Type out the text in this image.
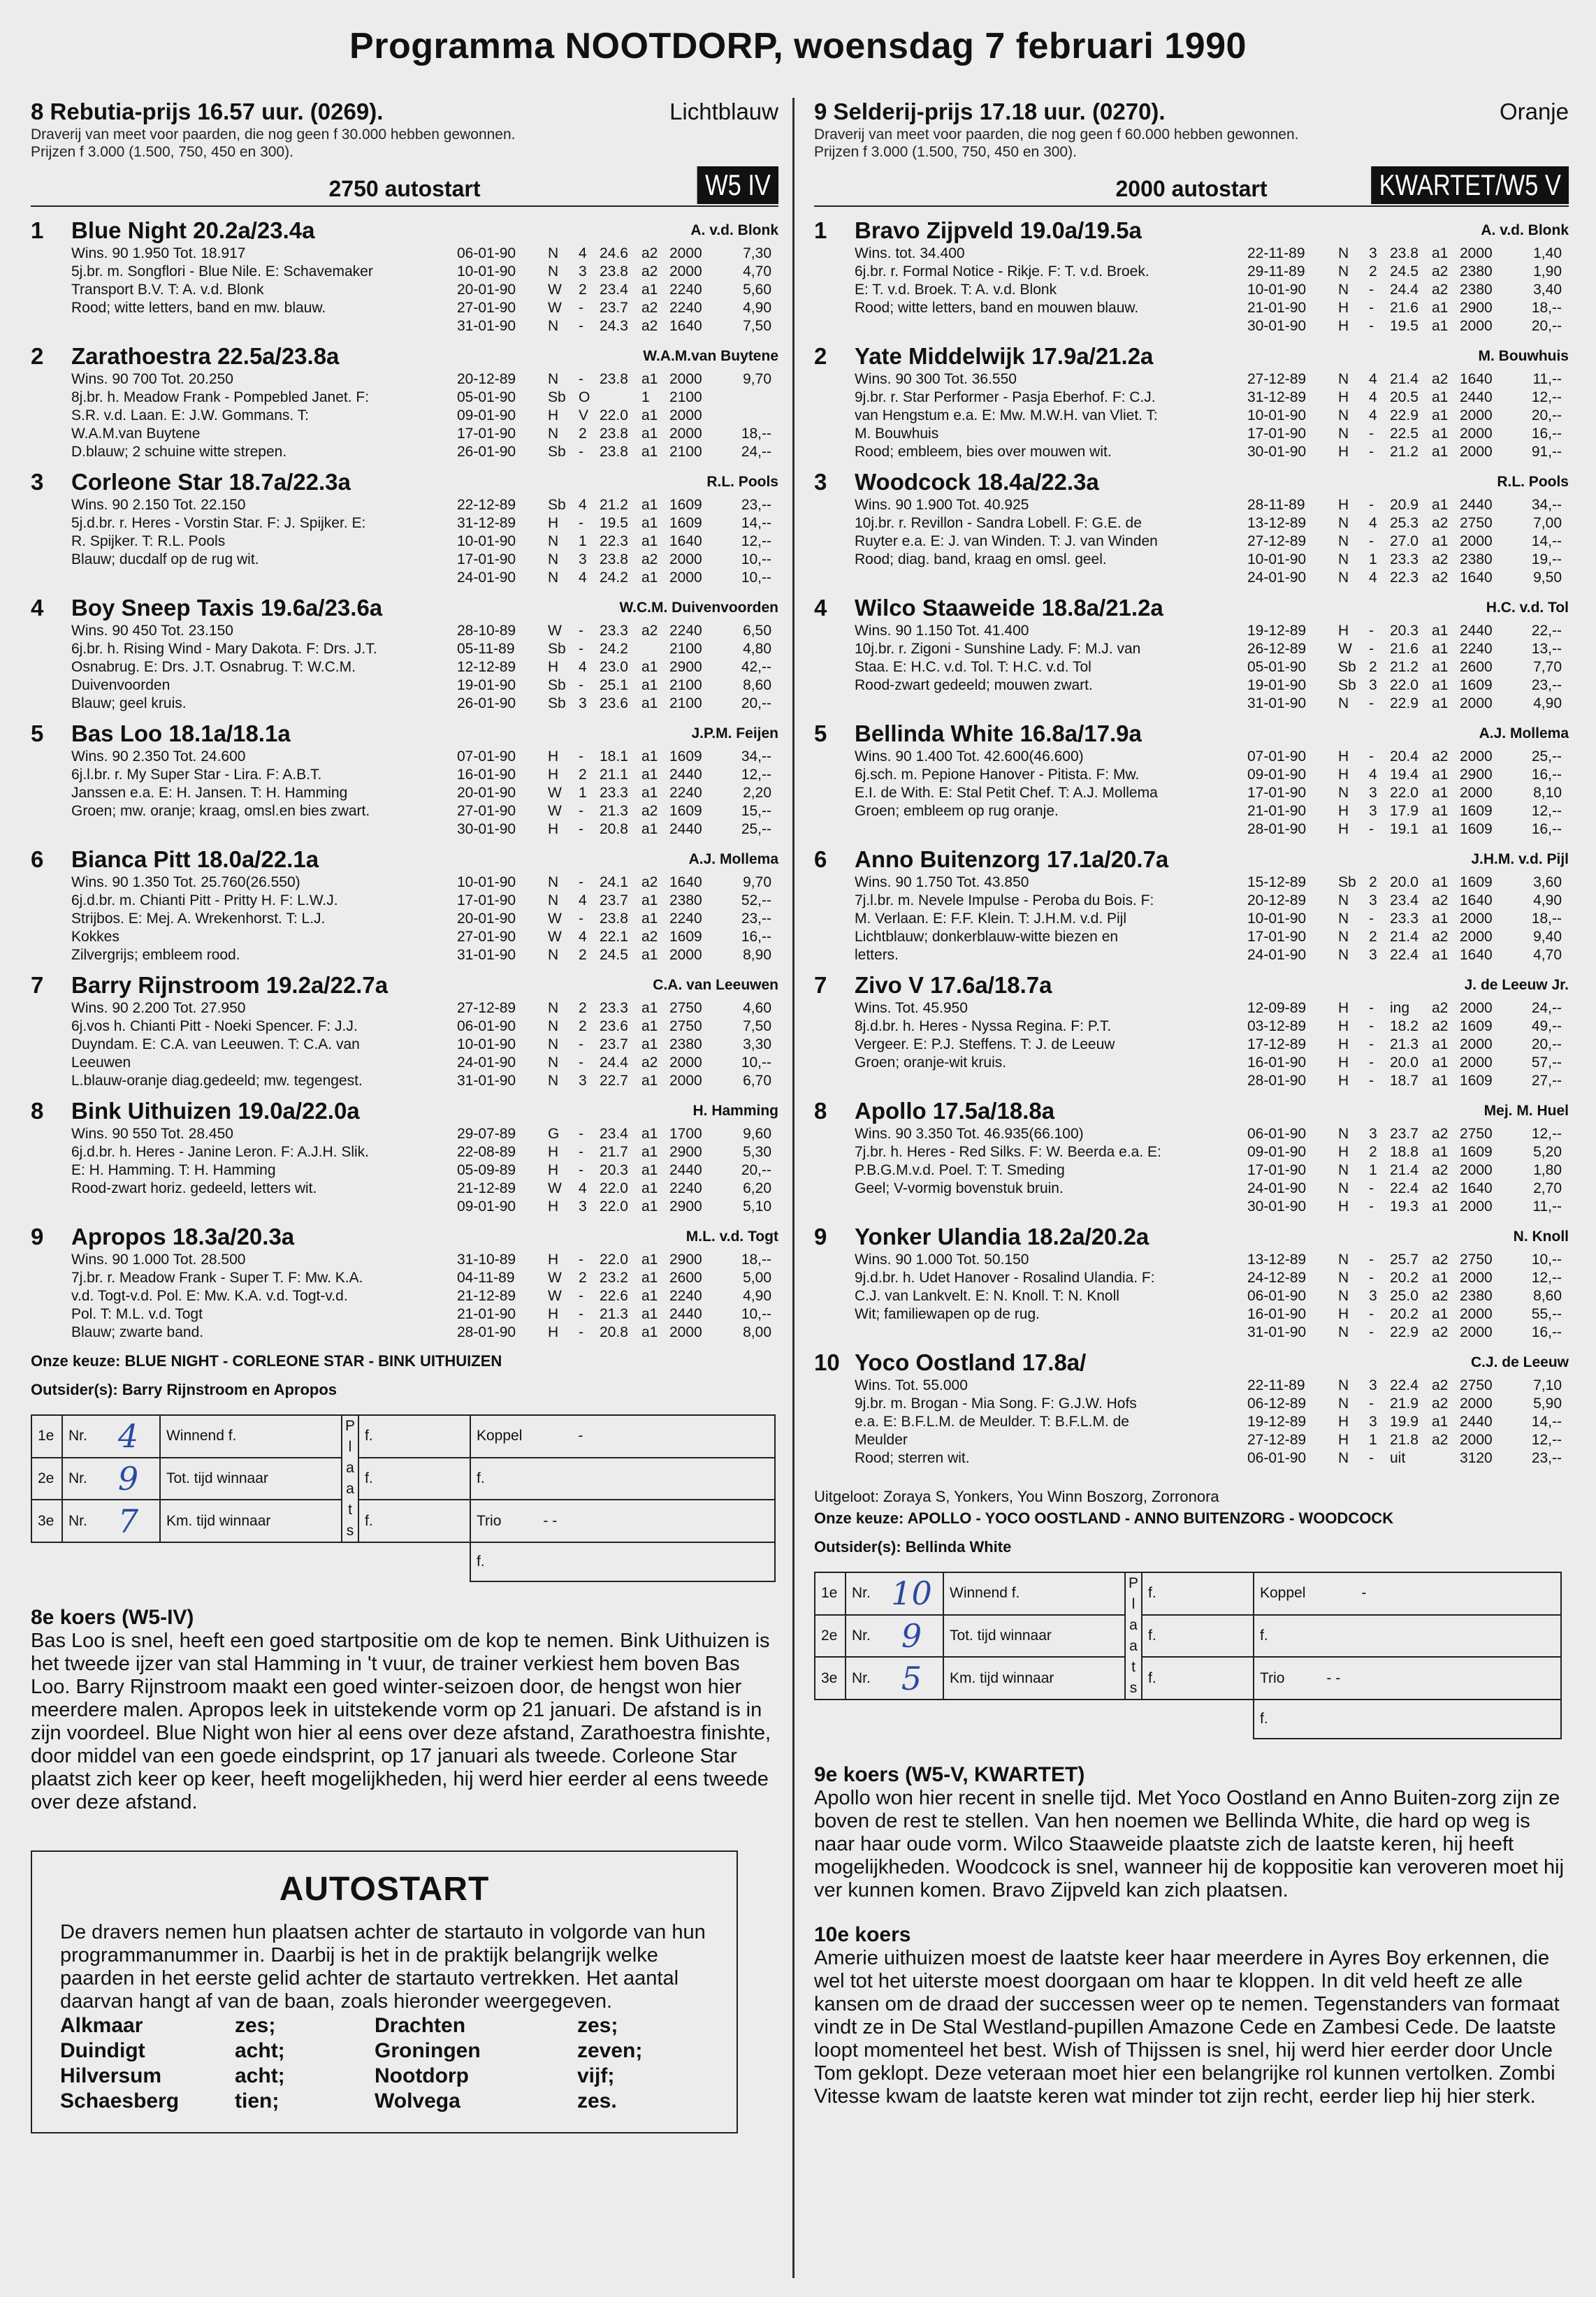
Programma NOOTDORP, woensdag 7 februari 1990
8 Rebutia-prijs 16.57 uur. (0269).	Lichtblauw
Draverij van meet voor paarden, die nog geen f 30.000 hebben gewonnen.
Prijzen f 3.000 (1.500, 750, 450 en 300).
2750 autostart	W5 IV
1	Blue Night 20.2a/23.4a	A. v.d. Blonk
Wins. 90 1.950 Tot. 18.917
5j.br. m. Songflori - Blue Nile. E: Schavemaker
Transport B.V. T: A. v.d. Blonk
Rood; witte letters, band en mw. blauw.
06-01-90	N	4 24.6 a2 2000	7,30
10-01-90	N	3 23.8 a2 2000	4,70
20-01-90	W	2 23.4 a1 2240	5,60
27-01-90	W	-	23.7 a2 2240	4,90
31-01-90	N	-	24.3 a2 1640	7,50
2	Zarathoestra 22.5a/23.8a	W.A.M.van Buytene
Wins. 90 700 Tot. 20.250
8j.br. h. Meadow Frank - Pompebled Janet. F:
S.R. v.d. Laan. E: J.W. Gommans. T:
W.A.M.van Buytene
D.blauw; 2 schuine witte strepen.
20-12-89	N	-	23.8 a1 2000	9,70
05-01-90	Sb O	1	2100
09-01-90	H	V 22.0 a1 2000
17-01-90	N	2 23.8 a1 2000	18,--
26-01-90	Sb -	23.8 a1 2100	24,--
3	Corleone Star 18.7a/22.3a	R.L. Pools
Wins. 90 2.150 Tot. 22.150
5j.d.br. r. Heres - Vorstin Star. F: J. Spijker. E:
R. Spijker. T: R.L. Pools
Blauw; ducdalf op de rug wit.
22-12-89	Sb 4 21.2 a1 1609	23,--
31-12-89	H	-	19.5 a1 1609	14,--
10-01-90	N	1 22.3 a1 1640	12,--
17-01-90	N	3 23.8 a2 2000	10,--
24-01-90	N	4 24.2 a1 2000	10,--
4	Boy Sneep Taxis 19.6a/23.6a	W.C.M. Duivenvoorden
Wins. 90 450 Tot. 23.150
6j.br. h. Rising Wind - Mary Dakota. F: Drs. J.T.
Osnabrug. E: Drs. J.T. Osnabrug. T: W.C.M.
Duivenvoorden
Blauw; geel kruis.
28-10-89	W	-	23.3 a2 2240	6,50
05-11-89	Sb -	24.2	2100	4,80
12-12-89	H	4 23.0 a1 2900	42,--
19-01-90	Sb -	25.1 a1 2100	8,60
26-01-90	Sb 3 23.6 a1 2100	20,--
5	Bas Loo 18.1a/18.1a	J.P.M. Feijen
Wins. 90 2.350 Tot. 24.600
6j.l.br. r. My Super Star - Lira. F: A.B.T.
Janssen e.a. E: H. Jansen. T: H. Hamming
Groen; mw. oranje; kraag, omsl.en bies zwart.
07-01-90	H	-	18.1 a1 1609	34,--
16-01-90	H	2 21.1 a1 2440	12,--
20-01-90	W	1 23.3 a1 2240	2,20
27-01-90	W	-	21.3 a2 1609	15,--
30-01-90	H	-	20.8 a1 2440	25,--
6	Bianca Pitt 18.0a/22.1a	A.J. Mollema
Wins. 90 1.350 Tot. 25.760(26.550)
6j.d.br. m. Chianti Pitt - Pritty H. F: L.W.J.
Strijbos. E: Mej. A. Wrekenhorst. T: L.J.
Kokkes
Zilvergrijs; embleem rood.
10-01-90	N	-	24.1 a2 1640	9,70
17-01-90	N	4 23.7 a1 2380	52,--
20-01-90	W	-	23.8 a1 2240	23,--
27-01-90	W	4 22.1 a2 1609	16,--
31-01-90	N	2 24.5 a1 2000	8,90
7	Barry Rijnstroom 19.2a/22.7a	C.A. van Leeuwen
Wins. 90 2.200 Tot. 27.950
6j.vos h. Chianti Pitt - Noeki Spencer. F: J.J.
Duyndam. E: C.A. van Leeuwen. T: C.A. van
Leeuwen
L.blauw-oranje diag.gedeeld; mw. tegengest.
27-12-89	N	2 23.3 a1 2750	4,60
06-01-90	N	2 23.6 a1 2750	7,50
10-01-90	N	-	23.7 a1 2380	3,30
24-01-90	N	-	24.4 a2 2000	10,--
31-01-90	N	3 22.7 a1 2000	6,70
8	Bink Uithuizen 19.0a/22.0a	H. Hamming
Wins. 90 550 Tot. 28.450
6j.d.br. h. Heres - Janine Leron. F: A.J.H. Slik.
E: H. Hamming. T: H. Hamming
Rood-zwart horiz. gedeeld, letters wit.
29-07-89	G	-	23.4 a1 1700	9,60
22-08-89	H	-	21.7 a1 2900	5,30
05-09-89	H	-	20.3 a1 2440	20,--
21-12-89	W	4 22.0 a1 2240	6,20
09-01-90	H	3 22.0 a1 2900	5,10
9	Apropos 18.3a/20.3a	M.L. v.d. Togt
Wins. 90 1.000 Tot. 28.500
7j.br. r. Meadow Frank - Super T. F: Mw. K.A.
v.d. Togt-v.d. Pol. E: Mw. K.A. v.d. Togt-v.d.
Pol. T: M.L. v.d. Togt
Blauw; zwarte band.
31-10-89	H	-	22.0 a1 2900	18,--
04-11-89	W	2 23.2 a1 2600	5,00
21-12-89	W	-	22.6 a1 2240	4,90
21-01-90	H	-	21.3 a1 2440	10,--
28-01-90	H	-	20.8 a1 2000	8,00
Onze keuze: BLUE NIGHT - CORLEONE STAR - BINK UITHUIZEN
Outsider(s): Barry Rijnstroom en Apropos
1e	Nr.	4	Winnend f.	P l a a t s	f.	Koppel -
2e	Nr.	9	Tot. tijd winnaar		f.	f.
3e	Nr.	7	Km. tijd winnaar		f.	Trio - -
						f.
8e koers (W5-IV)
Bas Loo is snel, heeft een goed startpositie om de kop te nemen. Bink Uithuizen is het tweede ijzer van stal Hamming in 't vuur, de trainer verkiest hem boven Bas Loo. Barry Rijnstroom maakt een goed winter-seizoen door, de hengst won hier meerdere malen. Apropos leek in uitstekende vorm op 21 januari. De afstand is in zijn voordeel. Blue Night won hier al eens over deze afstand, Zarathoestra finishte, door middel van een goede eindsprint, op 17 januari als tweede. Corleone Star plaatst zich keer op keer, heeft mogelijkheden, hij werd hier eerder al eens tweede over deze afstand.
AUTOSTART

De dravers nemen hun plaatsen achter de startauto in volgorde van hun programmanummer in. Daarbij is het in de praktijk belangrijk welke paarden in het eerste gelid achter de startauto vertrekken. Het aantal daarvan hangt af van de baan, zoals hieronder weergegeven.

Alkmaar	zes;	Drachten	zes;
Duindigt	acht;	Groningen	zeven;
Hilversum	acht;	Nootdorp	vijf;
Schaesberg	tien;	Wolvega	zes.
9 Selderij-prijs 17.18 uur. (0270).	Oranje
Draverij van meet voor paarden, die nog geen f 60.000 hebben gewonnen.
Prijzen f 3.000 (1.500, 750, 450 en 300).
2000 autostart	KWARTET/W5 V
1	Bravo Zijpveld 19.0a/19.5a	A. v.d. Blonk
Wins. tot. 34.400
6j.br. r. Formal Notice - Rikje. F: T. v.d. Broek.
E: T. v.d. Broek. T: A. v.d. Blonk
Rood; witte letters, band en mouwen blauw.
22-11-89	N	3 23.8 a1 2000	1,40
29-11-89	N	2 24.5 a2 2380	1,90
10-01-90	N	-	24.4 a2 2380	3,40
21-01-90	H	-	21.6 a1 2900	18,--
30-01-90	H	-	19.5 a1 2000	20,--
2	Yate Middelwijk 17.9a/21.2a	M. Bouwhuis
Wins. 90 300 Tot. 36.550
9j.br. r. Star Performer - Pasja Eberhof. F: C.J.
van Hengstum e.a. E: Mw. M.W.H. van Vliet. T:
M. Bouwhuis
Rood; embleem, bies over mouwen wit.
27-12-89	N	4 21.4 a2 1640	11,--
31-12-89	H	4 20.5 a1 2440	12,--
10-01-90	N	4 22.9 a1 2000	20,--
17-01-90	N	-	22.5 a1 2000	16,--
30-01-90	H	-	21.2 a1 2000	91,--
3	Woodcock 18.4a/22.3a	R.L. Pools
Wins. 90 1.900 Tot. 40.925
10j.br. r. Revillon - Sandra Lobell. F: G.E. de
Ruyter e.a. E: J. van Winden. T: J. van Winden
Rood; diag. band, kraag en omsl. geel.
28-11-89	H	-	20.9 a1 2440	34,--
13-12-89	N	4 25.3 a2 2750	7,00
27-12-89	N	-	27.0 a1 2000	14,--
10-01-90	N	1 23.3 a2 2380	19,--
24-01-90	N	4 22.3 a2 1640	9,50
4	Wilco Staaweide 18.8a/21.2a	H.C. v.d. Tol
Wins. 90 1.150 Tot. 41.400
10j.br. r. Zigoni - Sunshine Lady. F: M.J. van
Staa. E: H.C. v.d. Tol. T: H.C. v.d. Tol
Rood-zwart gedeeld; mouwen zwart.
19-12-89	H	-	20.3 a1 2440	22,--
26-12-89	W	-	21.6 a1 2240	13,--
05-01-90	Sb 2 21.2 a1 2600	7,70
19-01-90	Sb 3 22.0 a1 1609	23,--
31-01-90	N	-	22.9 a1 2000	4,90
5	Bellinda White 16.8a/17.9a	A.J. Mollema
Wins. 90 1.400 Tot. 42.600(46.600)
6j.sch. m. Pepione Hanover - Pitista. F: Mw.
E.I. de With. E: Stal Petit Chef. T: A.J. Mollema
Groen; embleem op rug oranje.
07-01-90	H	-	20.4 a2 2000	25,--
09-01-90	H	4 19.4 a1 2900	16,--
17-01-90	N	3 22.0 a1 2000	8,10
21-01-90	H	3 17.9 a1 1609	12,--
28-01-90	H	-	19.1 a1 1609	16,--
6	Anno Buitenzorg 17.1a/20.7a	J.H.M. v.d. Pijl
Wins. 90 1.750 Tot. 43.850
7j.l.br. m. Nevele Impulse - Peroba du Bois. F:
M. Verlaan. E: F.F. Klein. T: J.H.M. v.d. Pijl
Lichtblauw; donkerblauw-witte biezen en
letters.
15-12-89	Sb 2 20.0 a1 1609	3,60
20-12-89	N	3 23.4 a2 1640	4,90
10-01-90	N	-	23.3 a1 2000	18,--
17-01-90	N	2 21.4 a2 2000	9,40
24-01-90	N	3 22.4 a1 1640	4,70
7	Zivo V 17.6a/18.7a	J. de Leeuw Jr.
Wins. Tot. 45.950
8j.d.br. h. Heres - Nyssa Regina. F: P.T.
Vergeer. E: P.J. Steffens. T: J. de Leeuw
Groen; oranje-wit kruis.
12-09-89	H	-	ing	a2 2000	24,--
03-12-89	H	-	18.2 a2 1609	49,--
17-12-89	H	-	21.3 a1 2000	20,--
16-01-90	H	-	20.0 a1 2000	57,--
28-01-90	H	-	18.7 a1 1609	27,--
8	Apollo 17.5a/18.8a	Mej. M. Huel
Wins. 90 3.350 Tot. 46.935(66.100)
7j.br. h. Heres - Red Silks. F: W. Beerda e.a. E:
P.B.G.M.v.d. Poel. T: T. Smeding
Geel; V-vormig bovenstuk bruin.
06-01-90	N	3 23.7 a2 2750	12,--
09-01-90	H	2 18.8 a1 1609	5,20
17-01-90	N	1 21.4 a2 2000	1,80
24-01-90	N	-	22.4 a2 1640	2,70
30-01-90	H	-	19.3 a1 2000	11,--
9	Yonker Ulandia 18.2a/20.2a	N. Knoll
Wins. 90 1.000 Tot. 50.150
9j.d.br. h. Udet Hanover - Rosalind Ulandia. F:
C.J. van Lankvelt. E: N. Knoll. T: N. Knoll
Wit; familiewapen op de rug.
13-12-89	N	-	25.7 a2 2750	10,--
24-12-89	N	-	20.2 a1 2000	12,--
06-01-90	N	3 25.0 a2 2380	8,60
16-01-90	H	-	20.2 a1 2000	55,--
31-01-90	N	-	22.9 a2 2000	16,--
10 Yoco Oostland 17.8a/	C.J. de Leeuw
Wins. Tot. 55.000
9j.br. m. Brogan - Mia Song. F: G.J.W. Hofs
e.a. E: B.F.L.M. de Meulder. T: B.F.L.M. de
Meulder
Rood; sterren wit.
22-11-89	N	3 22.4 a2 2750	7,10
06-12-89	N	-	21.9 a2 2000	5,90
19-12-89	H	3 19.9 a1 2440	14,--
27-12-89	H	1 21.8 a2 2000	12,--
06-01-90	N	-	uit	3120	23,--
Uitgeloot: Zoraya S, Yonkers, You Winn Boszorg, Zorronora
Onze keuze: APOLLO - YOCO OOSTLAND - ANNO BUITENZORG - WOODCOCK
Outsider(s): Bellinda White
1e	Nr.	10	Winnend f.	P l a a t s	f.	Koppel -
2e	Nr.	9	Tot. tijd winnaar		f.	f.
3e	Nr.	5	Km. tijd winnaar		f.	Trio - -
						f.
9e koers (W5-V, KWARTET)
Apollo won hier recent in snelle tijd. Met Yoco Oostland en Anno Buiten-zorg zijn ze boven de rest te stellen. Van hen noemen we Bellinda White, die hard op weg is naar haar oude vorm. Wilco Staaweide plaatste zich de laatste keren, hij heeft mogelijkheden. Woodcock is snel, wanneer hij de koppositie kan veroveren moet hij ver kunnen komen. Bravo Zijpveld kan zich plaatsen.
10e koers
Amerie uithuizen moest de laatste keer haar meerdere in Ayres Boy erkennen, die wel tot het uiterste moest doorgaan om haar te kloppen. In dit veld heeft ze alle kansen om de draad der successen weer op te nemen. Tegenstanders van formaat vindt ze in De Stal Westland-pupillen Amazone Cede en Zambesi Cede. De laatste loopt momenteel het best. Wish of Thijssen is snel, hij werd hier eerder door Uncle Tom geklopt. Deze veteraan moet hier een belangrijke rol kunnen vertolken. Zombi Vitesse kwam de laatste keren wat minder tot zijn recht, eerder liep hij hier sterk.
